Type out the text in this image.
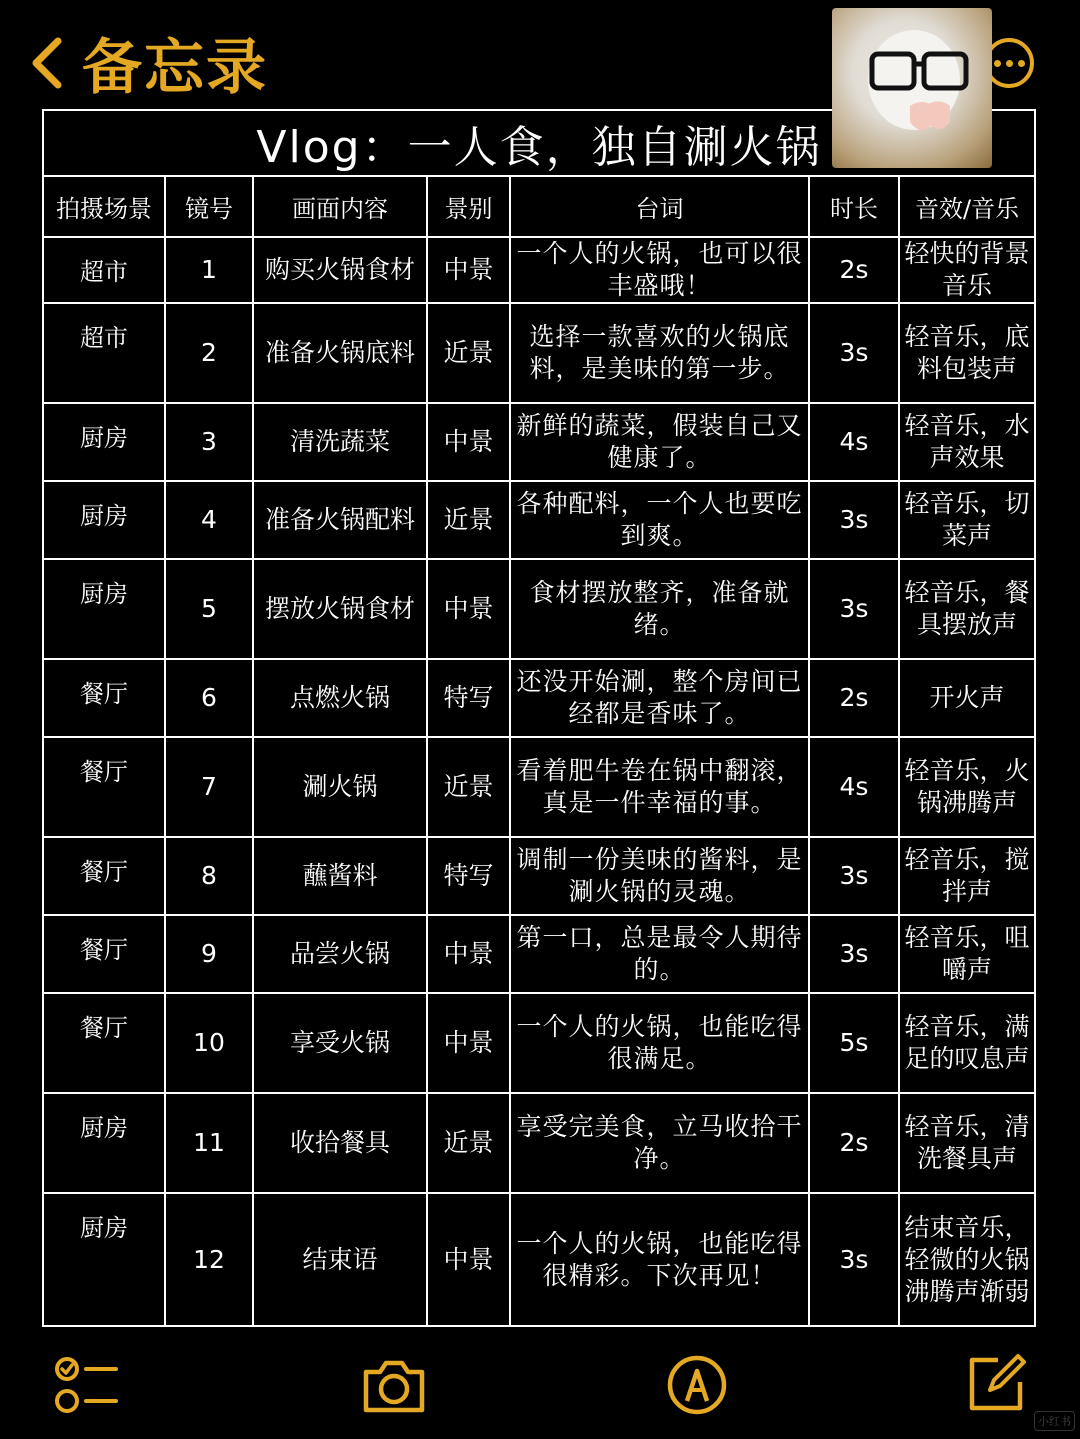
备忘录
Vlog：一人食，独自涮火锅						
拍摄场景	镜号	画面内容	景别	台词	时长	音效/音乐
超市	1	购买火锅食材	中景	一个人的火锅，也可以很丰盛哦！	2s	轻快的背景音乐
超市	2	准备火锅底料	近景	选择一款喜欢的火锅底料，是美味的第一步。	3s	轻音乐，底料包装声
厨房	3	清洗蔬菜	中景	新鲜的蔬菜，假装自己又健康了。	4s	轻音乐，水声效果
厨房	4	准备火锅配料	近景	各种配料，一个人也要吃到爽。	3s	轻音乐，切菜声
厨房	5	摆放火锅食材	中景	食材摆放整齐，准备就绪。	3s	轻音乐，餐具摆放声
餐厅	6	点燃火锅	特写	还没开始涮，整个房间已经都是香味了。	2s	开火声
餐厅	7	涮火锅	近景	看着肥牛卷在锅中翻滚，真是一件幸福的事。	4s	轻音乐，火锅沸腾声
餐厅	8	蘸酱料	特写	调制一份美味的酱料，是涮火锅的灵魂。	3s	轻音乐，搅拌声
餐厅	9	品尝火锅	中景	第一口，总是最令人期待的。	3s	轻音乐，咀嚼声
餐厅	10	享受火锅	中景	一个人的火锅，也能吃得很满足。	5s	轻音乐，满足的叹息声
厨房	11	收拾餐具	近景	享受完美食，立马收拾干净。	2s	轻音乐，清洗餐具声
厨房	12	结束语	中景	一个人的火锅，也能吃得很精彩。下次再见！	3s	结束音乐，轻微的火锅沸腾声渐弱
小红书
